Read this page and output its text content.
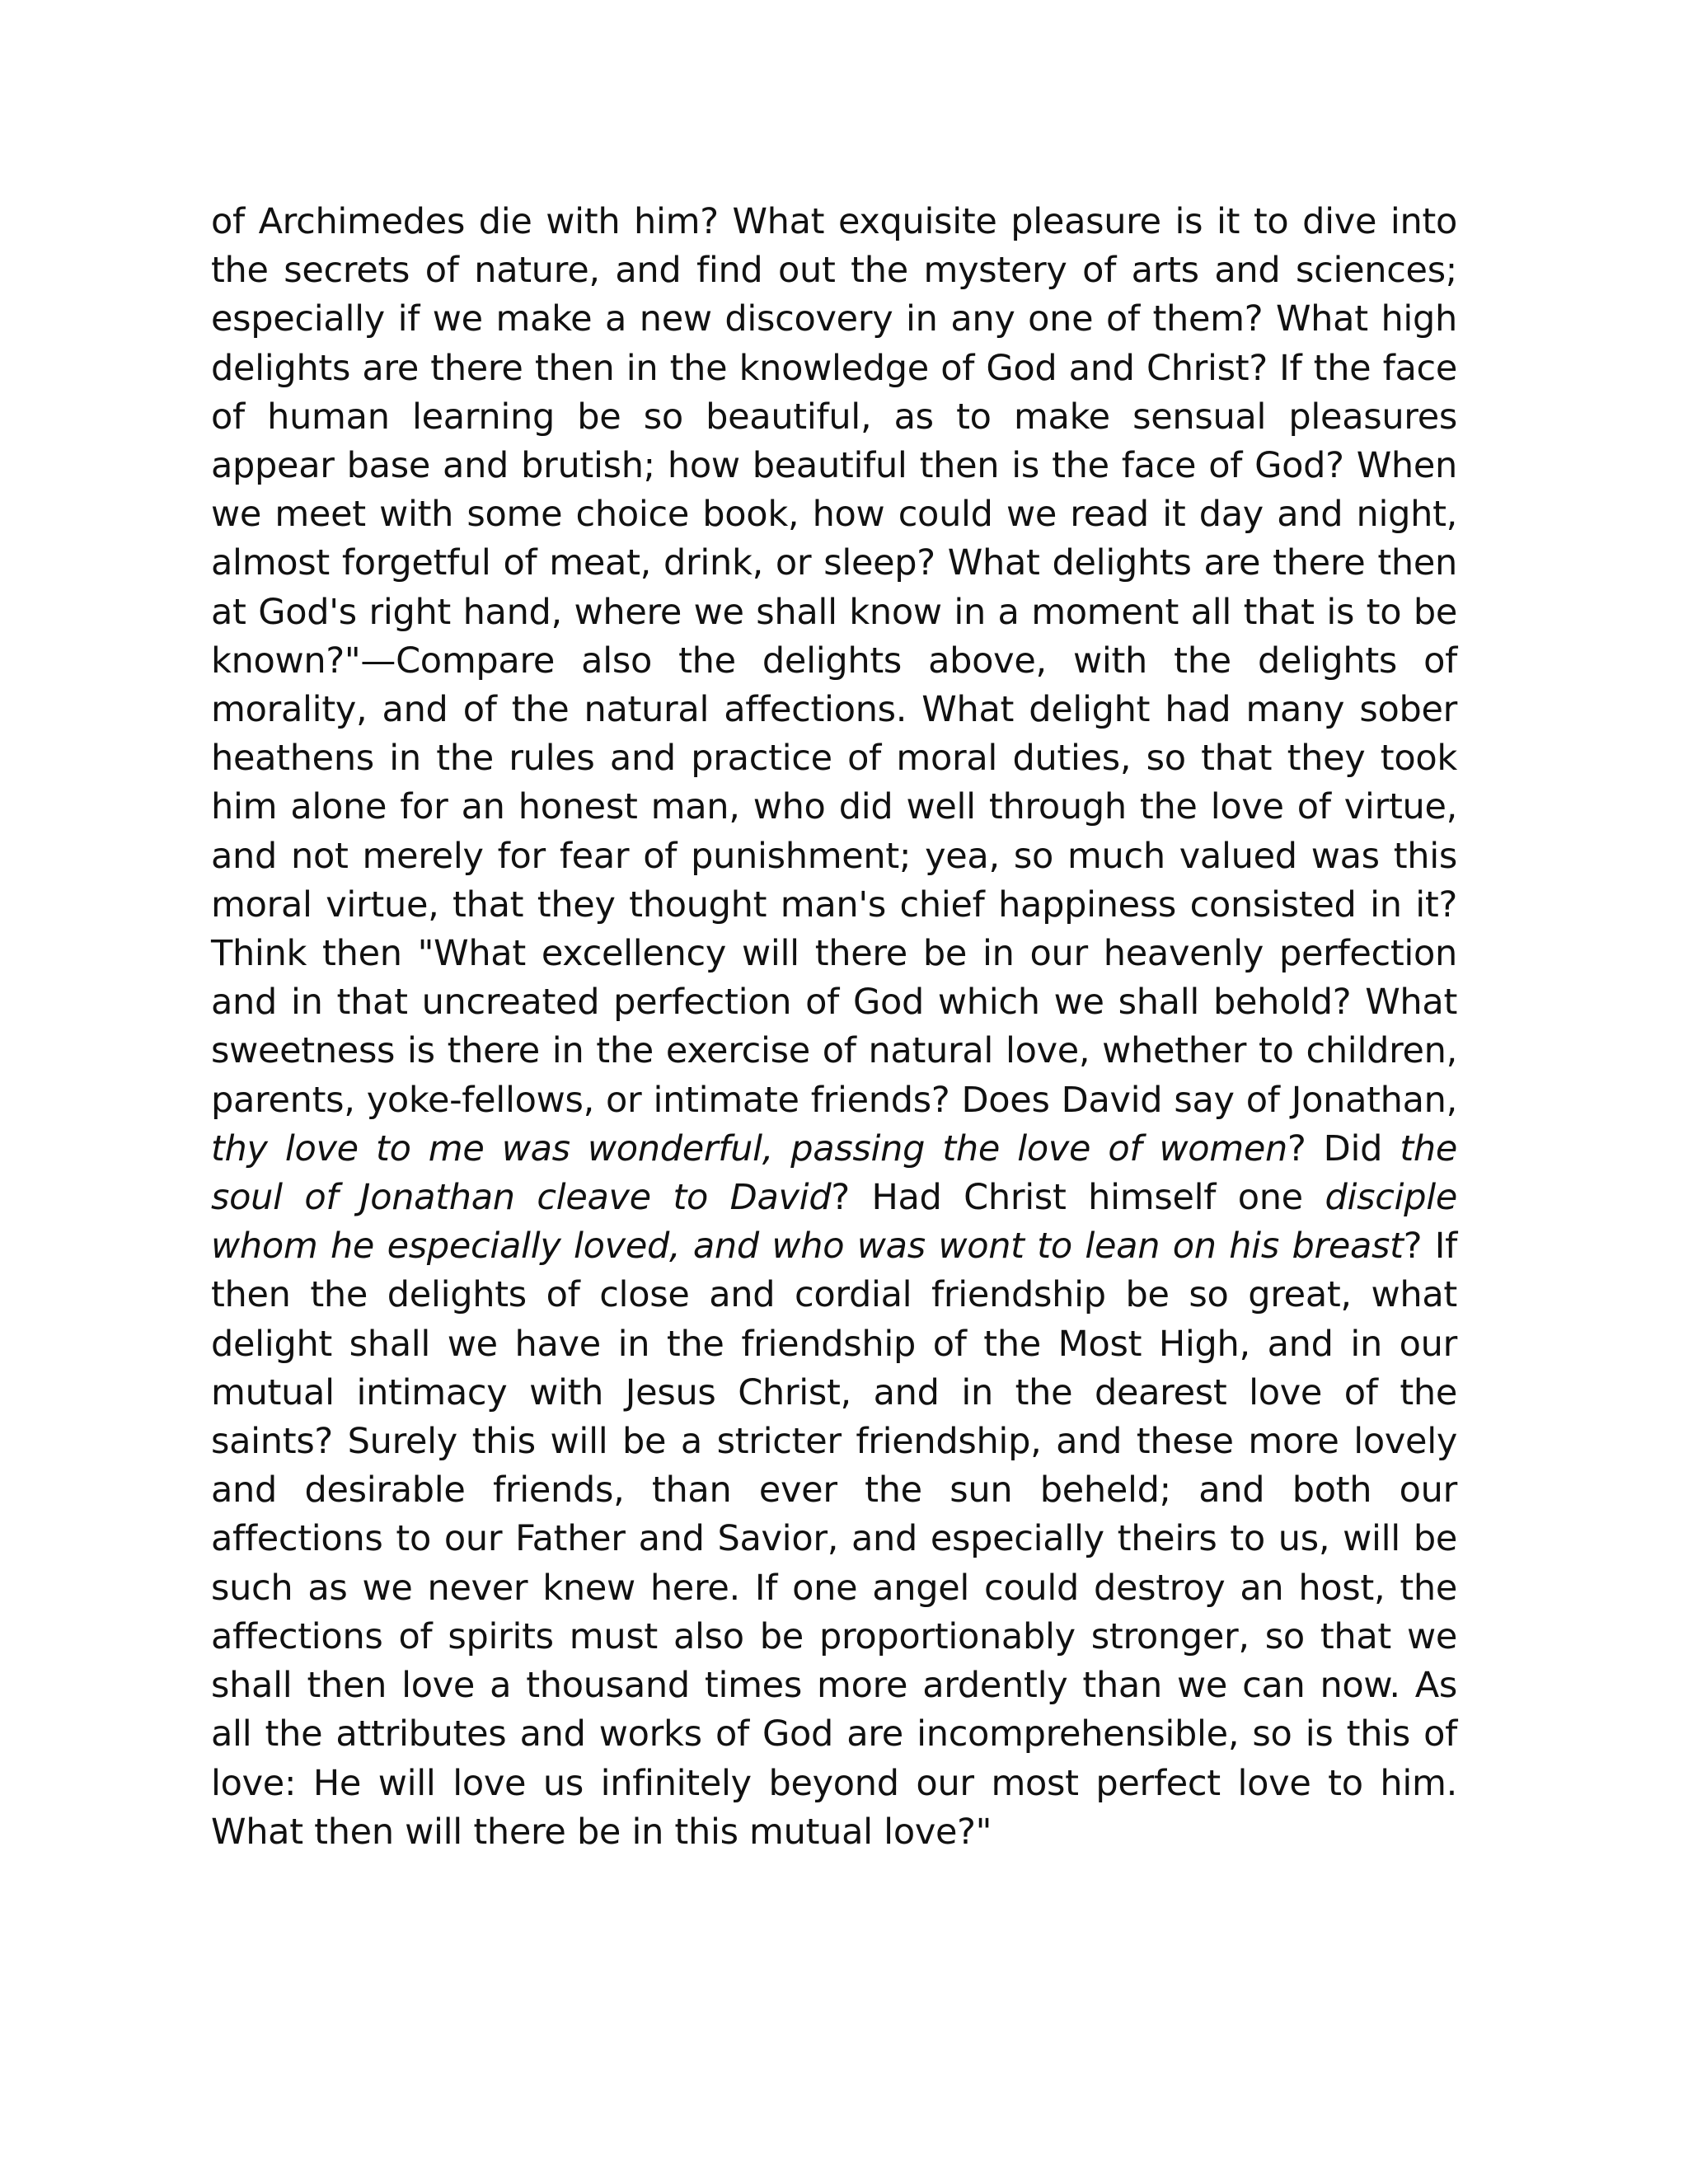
of Archimedes die with him? What exquisite pleasure is it to dive into the secrets of nature, and find out the mystery of arts and sciences; especially if we make a new discovery in any one of them? What high delights are there then in the knowledge of God and Christ? If the face of human learning be so beautiful, as to make sensual pleasures appear base and brutish; how beautiful then is the face of God? When we meet with some choice book, how could we read it day and night, almost forgetful of meat, drink, or sleep? What delights are there then at God's right hand, where we shall know in a moment all that is to be known?"—Compare also the delights above, with the delights of morality, and of the natural affections. What delight had many sober heathens in the rules and practice of moral duties, so that they took him alone for an honest man, who did well through the love of virtue, and not merely for fear of punishment; yea, so much valued was this moral virtue, that they thought man's chief happiness consisted in it? Think then "What excellency will there be in our heavenly perfection and in that uncreated perfection of God which we shall behold? What sweetness is there in the exercise of natural love, whether to children, parents, yoke-fellows, or intimate friends? Does David say of Jonathan, thy love to me was wonderful, passing the love of women? Did the soul of Jonathan cleave to David? Had Christ himself one disciple whom he especially loved, and who was wont to lean on his breast? If then the delights of close and cordial friendship be so great, what delight shall we have in the friendship of the Most High, and in our mutual intimacy with Jesus Christ, and in the dearest love of the saints? Surely this will be a stricter friendship, and these more lovely and desirable friends, than ever the sun beheld; and both our affections to our Father and Savior, and especially theirs to us, will be such as we never knew here. If one angel could destroy an host, the affections of spirits must also be proportionably stronger, so that we shall then love a thousand times more ardently than we can now. As all the attributes and works of God are incomprehensible, so is this of love: He will love us infinitely beyond our most perfect love to him. What then will there be in this mutual love?"
